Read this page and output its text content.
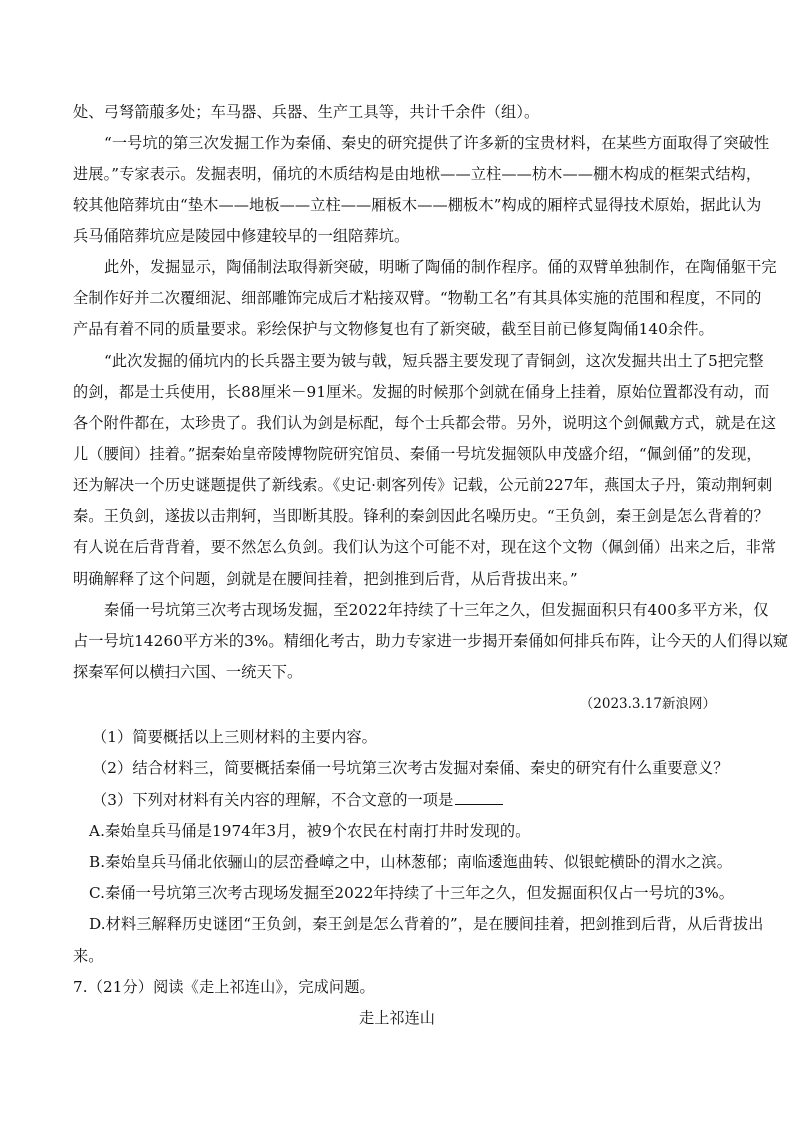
处、弓弩箭菔多处；车马器、兵器、生产工具等，共计千余件（组）。
“一号坑的第三次发掘工作为秦俑、秦史的研究提供了许多新的宝贵材料，在某些方面取得了突破性
进展。”专家表示。发掘表明，俑坑的木质结构是由地栿——立柱——枋木——棚木构成的框架式结构，
较其他陪葬坑由“垫木——地板——立柱——厢板木——棚板木”构成的厢梓式显得技术原始，据此认为
兵马俑陪葬坑应是陵园中修建较早的一组陪葬坑。
此外，发掘显示，陶俑制法取得新突破，明晰了陶俑的制作程序。俑的双臂单独制作，在陶俑躯干完
全制作好并二次覆细泥、细部雕饰完成后才粘接双臂。“物勒工名”有其具体实施的范围和程度，不同的
产品有着不同的质量要求。彩绘保护与文物修复也有了新突破，截至目前已修复陶俑140余件。
“此次发掘的俑坑内的长兵器主要为铍与戟，短兵器主要发现了青铜剑，这次发掘共出土了5把完整
的剑，都是士兵使用，长88厘米－91厘米。发掘的时候那个剑就在俑身上挂着，原始位置都没有动，而
各个附件都在，太珍贵了。我们认为剑是标配，每个士兵都会带。另外，说明这个剑佩戴方式，就是在这
儿（腰间）挂着。”据秦始皇帝陵博物院研究馆员、秦俑一号坑发掘领队申茂盛介绍，“佩剑俑”的发现，
还为解决一个历史谜题提供了新线索。《史记·刺客列传》记载，公元前227年，燕国太子丹，策动荆轲刺
秦。王负剑，遂拔以击荆轲，当即断其股。锋利的秦剑因此名噪历史。“王负剑，秦王剑是怎么背着的？
有人说在后背背着，要不然怎么负剑。我们认为这个可能不对，现在这个文物（佩剑俑）出来之后，非常
明确解释了这个问题，剑就是在腰间挂着，把剑推到后背，从后背拔出来。”
秦俑一号坑第三次考古现场发掘，至2022年持续了十三年之久，但发掘面积只有400多平方米，仅
占一号坑14260平方米的3%。精细化考古，助力专家进一步揭开秦俑如何排兵布阵，让今天的人们得以窥
探秦军何以横扫六国、一统天下。
（2023.3.17新浪网）
（1）简要概括以上三则材料的主要内容。
（2）结合材料三，简要概括秦俑一号坑第三次考古发掘对秦俑、秦史的研究有什么重要意义？
（3）下列对材料有关内容的理解，不合文意的一项是
A.秦始皇兵马俑是1974年3月，被9个农民在村南打井时发现的。
B.秦始皇兵马俑北依骊山的层峦叠嶂之中，山林葱郁；南临逶迤曲转、似银蛇横卧的渭水之滨。
C.秦俑一号坑第三次考古现场发掘至2022年持续了十三年之久，但发掘面积仅占一号坑的3%。
D.材料三解释历史谜团“王负剑，秦王剑是怎么背着的”，是在腰间挂着，把剑推到后背，从后背拔出
来。
7.（21分）阅读《走上祁连山》，完成问题。
走上祁连山
